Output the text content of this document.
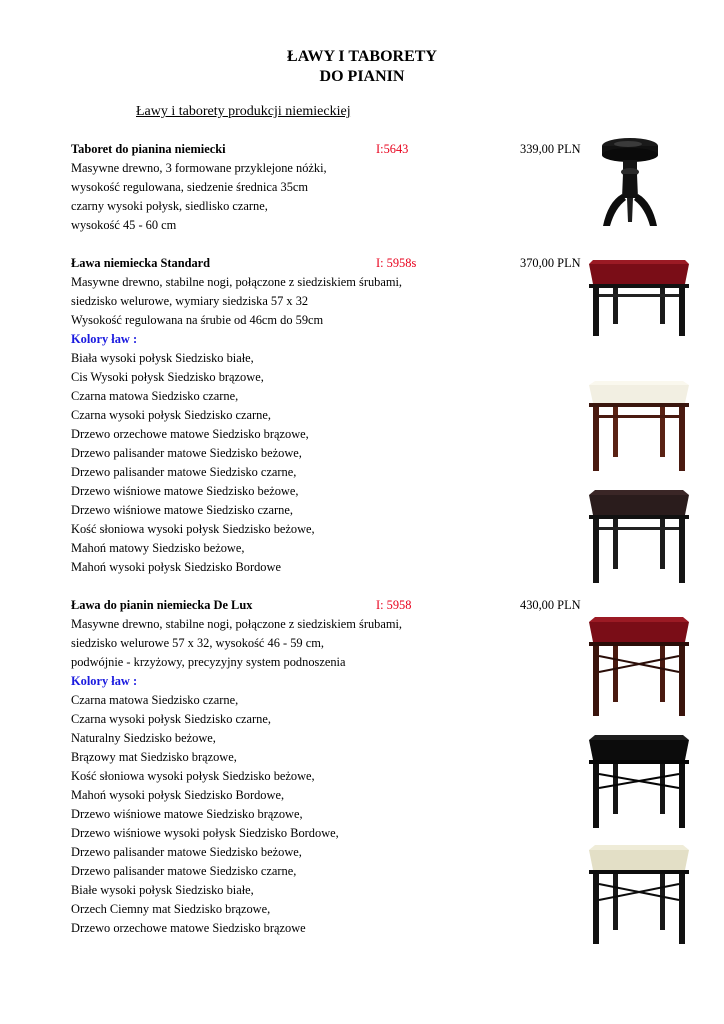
ŁAWY I TABORETY
DO PIANIN
Ławy i taborety produkcji niemieckiej
Taboret do pianina niemiecki	I:5643	339,00 PLN
Masywne drewno, 3 formowane przyklejone nóżki,
wysokość regulowana, siedzenie średnica 35cm
czarny wysoki połysk, siedlisko czarne,
wysokość 45 - 60 cm
Ława niemiecka Standard	I: 5958s	370,00 PLN
Masywne drewno, stabilne nogi, połączone z siedziskiem śrubami,
siedzisko welurowe, wymiary siedziska 57 x 32
Wysokość regulowana na śrubie od 46cm do 59cm
Kolory ław :
Biała wysoki połysk Siedzisko białe,
Cis Wysoki połysk Siedzisko brązowe,
Czarna matowa Siedzisko czarne,
Czarna wysoki połysk Siedzisko czarne,
Drzewo orzechowe matowe Siedzisko brązowe,
Drzewo palisander matowe Siedzisko beżowe,
Drzewo palisander matowe Siedzisko czarne,
Drzewo wiśniowe matowe Siedzisko beżowe,
Drzewo wiśniowe matowe Siedzisko czarne,
Kość słoniowa wysoki połysk Siedzisko beżowe,
Mahoń matowy Siedzisko beżowe,
Mahoń wysoki połysk Siedzisko Bordowe
Ława do pianin niemiecka De Lux	I: 5958	430,00 PLN
Masywne drewno, stabilne nogi, połączone z siedziskiem śrubami,
siedzisko welurowe 57 x 32, wysokość 46 - 59 cm,
podwójnie - krzyżowy, precyzyjny system podnoszenia
Kolory ław :
Czarna matowa Siedzisko czarne,
Czarna wysoki połysk Siedzisko czarne,
Naturalny Siedzisko beżowe,
Brązowy mat Siedzisko brązowe,
Kość słoniowa wysoki połysk Siedzisko beżowe,
Mahoń wysoki połysk Siedzisko Bordowe,
Drzewo wiśniowe matowe Siedzisko brązowe,
Drzewo wiśniowe wysoki połysk Siedzisko Bordowe,
Drzewo palisander matowe Siedzisko beżowe,
Drzewo palisander matowe Siedzisko czarne,
Białe wysoki połysk Siedzisko białe,
Orzech Ciemny mat Siedzisko brązowe,
Drzewo orzechowe matowe Siedzisko brązowe
